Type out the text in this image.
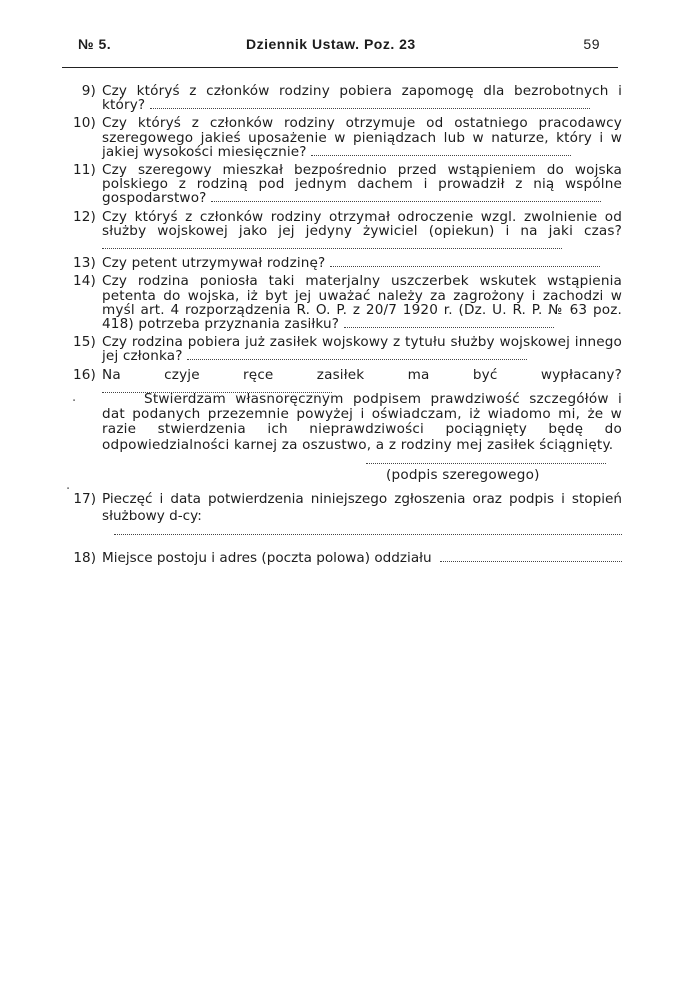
№ 5.	Dziennik Ustaw. Poz. 23	59
9) Czy któryś z członków rodziny pobiera zapomogę dla bezrobotnych i który?
10) Czy któryś z członków rodziny otrzymuje od ostatniego pracodawcy szeregowego jakieś uposażenie w pieniądzach lub w naturze, który i w jakiej wysokości miesięcznie?
11) Czy szeregowy mieszkał bezpośrednio przed wstąpieniem do wojska polskiego z rodziną pod jednym dachem i prowadził z nią wspólne gospodarstwo?
12) Czy któryś z członków rodziny otrzymał odroczenie wzgl. zwolnienie od służby wojskowej jako jej jedyny żywiciel (opiekun) i na jaki czas?
13) Czy petent utrzymywał rodzinę?
14) Czy rodzina poniosła taki materjalny uszczerbek wskutek wstąpienia petenta do wojska, iż byt jej uważać należy za zagrożony i zachodzi w myśl art. 4 rozporządzenia R. O. P. z 20/7 1920 r. (Dz. U. R. P. № 63 poz. 418) potrzeba przyznania zasiłku?
15) Czy rodzina pobiera już zasiłek wojskowy z tytułu służby wojskowej innego jej członka?
16) Na czyje ręce zasiłek ma być wypłacany?
Stwierdzam własnoręcznym podpisem prawdziwość szczegółów i dat podanych przezemnie powyżej i oświadczam, iż wiadomo mi, że w razie stwierdzenia ich nieprawdziwości pociągnięty będę do odpowiedzialności karnej za oszustwo, a z rodziny mej zasiłek ściągnięty.
.
.
(podpis szeregowego)
17) Pieczęć i data potwierdzenia niniejszego zgłoszenia oraz podpis i stopień służbowy d-cy:
18) Miejsce postoju i adres (poczta polowa) oddziału
